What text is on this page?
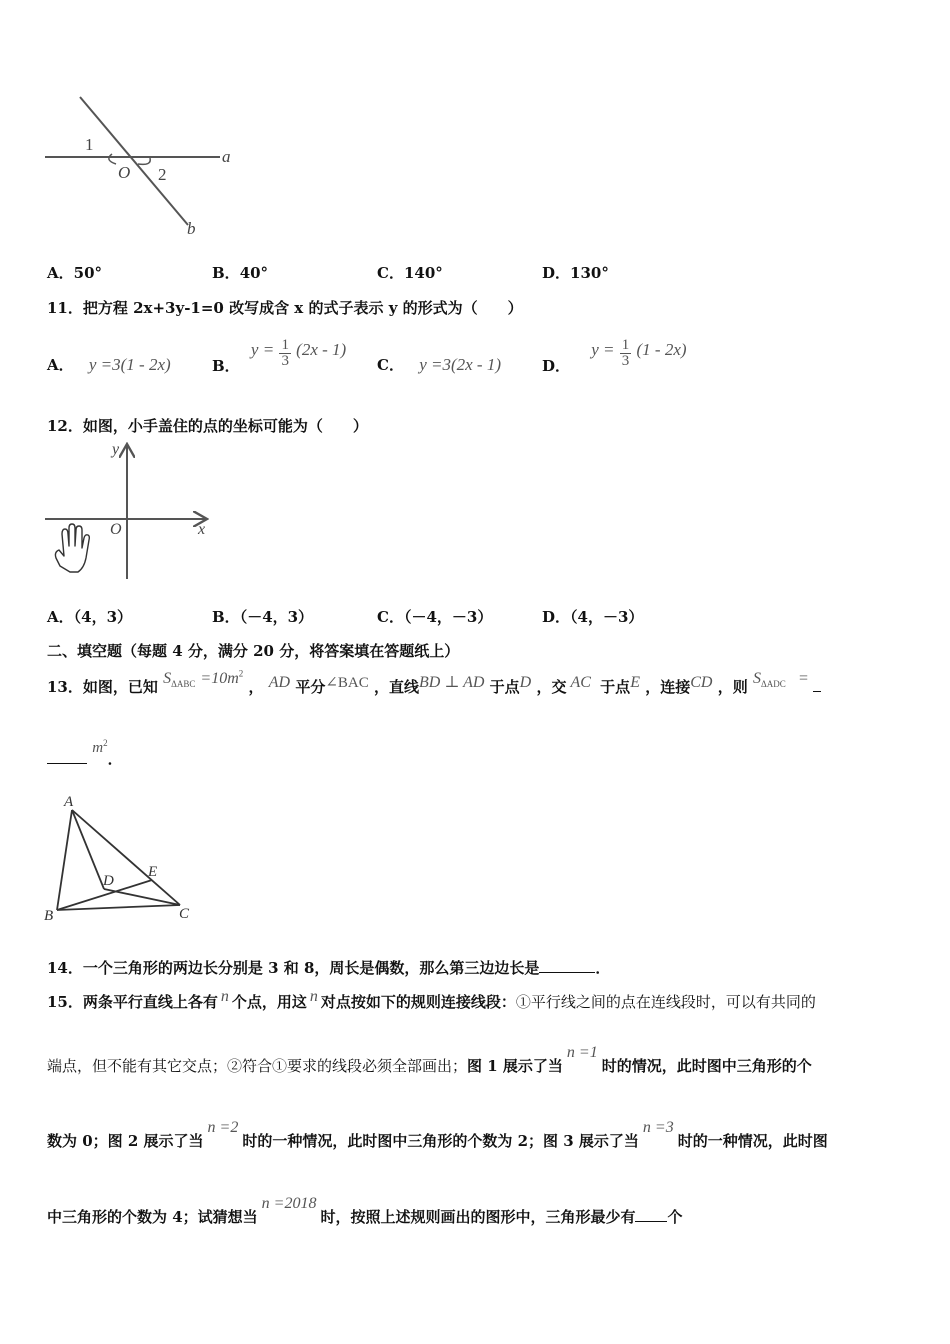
1
O 2
a
b
A．50°	B．40°	C．140°	D．130°
11．把方程 2x+3y-1=0 改写成含 x 的式子表示 y 的形式为（　　）
A． y =3(1 - 2x)	B． $y = \frac{1}{3} (2x - 1)$
C． y =3(2x - 1)	D． $y = \frac{1}{3} (1 - 2x)$
12．如图，小手盖住的点的坐标可能为（　　）
y
O	x
A．（4，3）	B．（－4，3）	C．（－4，－3）	D．（4，－3）
二、填空题（每题 4 分，满分 20 分，将答案填在答题纸上）
13．如图，已知 $S_{\Delta ABC} =10m^2$ ， AD 平分∠BAC ，直线BD ⊥ AD 于点D ，交 AC 于点E ，连接CD ，则 $S_{\Delta ADC}$ =
$m^2$．
A
B	C
D
E
14．一个三角形的两边长分别是 3 和 8，周长是偶数，那么第三边边长是	．
15．两条平行直线上各有 n 个点，用这 n 对点按如下的规则连接线段：①平行线之间的点在连线段时，可以有共同的
端点，但不能有其它交点；②符合①要求的线段必须全部画出；图 1 展示了当n =1时的情况，此时图中三角形的个
数为 0；图 2 展示了当n =2时的一种情况，此时图中三角形的个数为 2；图 3 展示了当n =3时的一种情况，此时图
中三角形的个数为 4；试猜想当n =2018时，按照上述规则画出的图形中，三角形最少有 个
